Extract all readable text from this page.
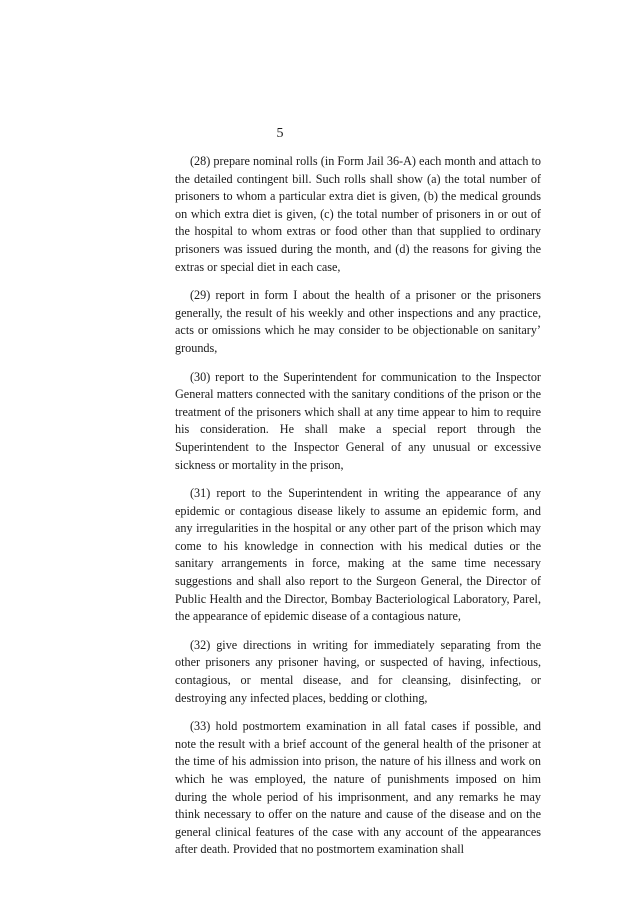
5

(28) prepare nominal rolls (in Form Jail 36-A) each month and attach to the detailed contingent bill. Such rolls shall show (a) the total number of prisoners to whom a particular extra diet is given, (b) the medical grounds on which extra diet is given, (c) the total number of prisoners in or out of the hospital to whom extras or food other than that supplied to ordinary prisoners was issued during the month, and (d) the reasons for giving the extras or special diet in each case,

(29) report in form I about the health of a prisoner or the prisoners generally, the result of his weekly and other inspections and any practice, acts or omissions which he may consider to be objectionable on sanitary’ grounds,

(30) report to the Superintendent for communication to the Inspector General matters connected with the sanitary conditions of the prison or the treatment of the prisoners which shall at any time appear to him to require his consideration. He shall make a special report through the Superintendent to the Inspector General of any unusual or excessive sickness or mortality in the prison,

(31) report to the Superintendent in writing the appearance of any epidemic or contagious disease likely to assume an epidemic form, and any irregularities in the hospital or any other part of the prison which may come to his knowledge in connection with his medical duties or the sanitary arrangements in force, making at the same time necessary suggestions and shall also report to the Surgeon General, the Director of Public Health and the Director, Bombay Bacteriological Laboratory, Parel, the appearance of epidemic disease of a contagious nature,

(32) give directions in writing for immediately separating from the other prisoners any prisoner having, or suspected of having, infectious, contagious, or mental disease, and for cleansing, disinfecting, or destroying any infected places, bedding or clothing,

(33) hold postmortem examination in all fatal cases if possible, and note the result with a brief account of the general health of the prisoner at the time of his admission into prison, the nature of his illness and work on which he was employed, the nature of punishments imposed on him during the whole period of his imprisonment, and any remarks he may think necessary to offer on the nature and cause of the disease and on the general clinical features of the case with any account of the appearances after death. Provided that no postmortem examination shall
